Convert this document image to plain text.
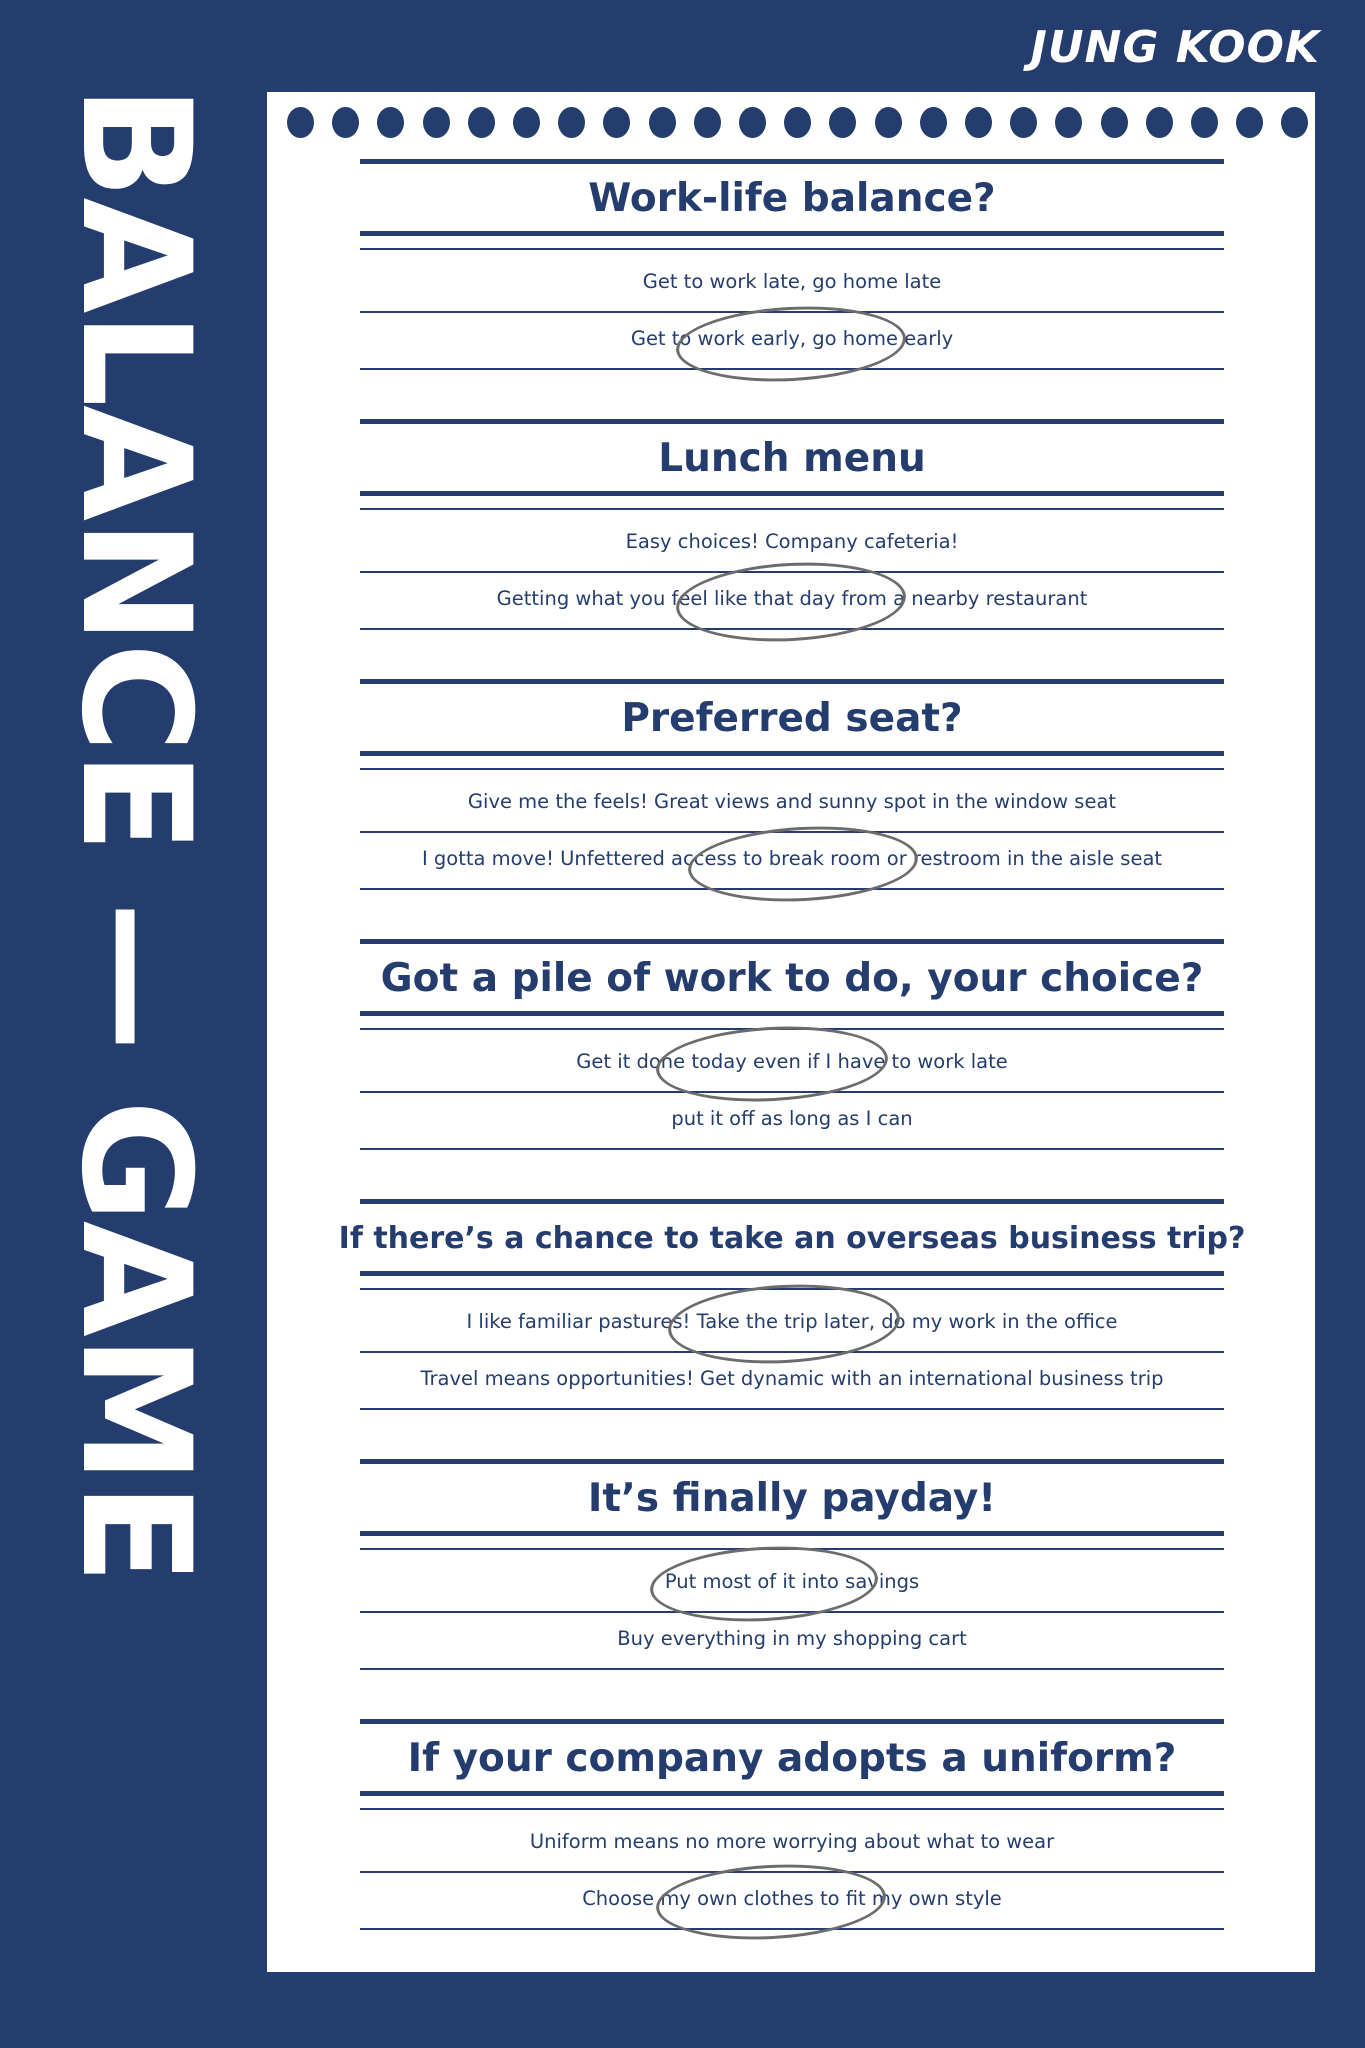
JUNG KOOK
BALANCE — GAME	Work-life balance?
Get to work late, go home late
Get to work early, go home early
Lunch menu
Easy choices! Company cafeteria!
Getting what you feel like that day from a nearby restaurant
Preferred seat?
Give me the feels! Great views and sunny spot in the window seat
I gotta move! Unfettered access to break room or restroom in the aisle seat
Got a pile of work to do, your choice?
Get it done today even if I have to work late
put it off as long as I can
If there’s a chance to take an overseas business trip?
I like familiar pastures! Take the trip later, do my work in the office
Travel means opportunities! Get dynamic with an international business trip
It’s finally payday!
Put most of it into savings
Buy everything in my shopping cart
If your company adopts a uniform?
Uniform means no more worrying about what to wear
Choose my own clothes to fit my own style
